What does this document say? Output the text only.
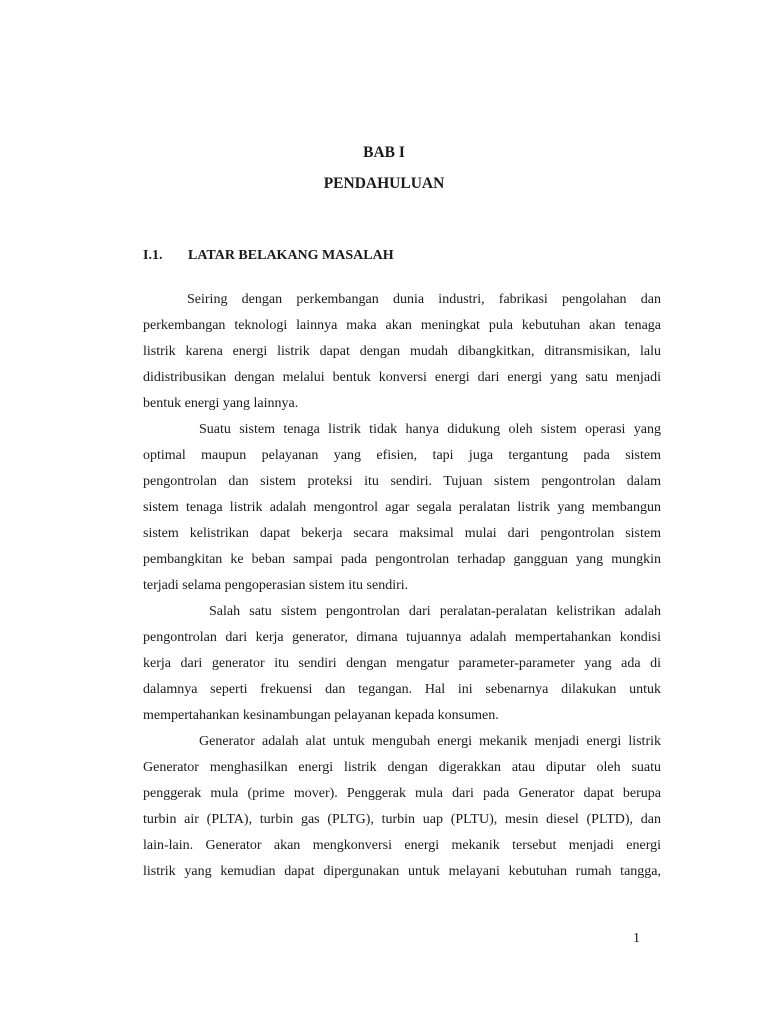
BAB I
PENDAHULUAN
I.1. LATAR BELAKANG MASALAH
Seiring dengan perkembangan dunia industri, fabrikasi pengolahan dan
perkembangan teknologi lainnya maka akan meningkat pula kebutuhan akan tenaga
listrik karena energi listrik dapat dengan mudah dibangkitkan, ditransmisikan, lalu
didistribusikan dengan melalui bentuk konversi energi dari energi yang satu menjadi
bentuk energi yang lainnya.
Suatu sistem tenaga listrik tidak hanya didukung oleh sistem operasi yang
optimal maupun pelayanan yang efisien, tapi juga tergantung pada sistem
pengontrolan dan sistem proteksi itu sendiri. Tujuan sistem pengontrolan dalam
sistem tenaga listrik adalah mengontrol agar segala peralatan listrik yang membangun
sistem kelistrikan dapat bekerja secara maksimal mulai dari pengontrolan sistem
pembangkitan ke beban sampai pada pengontrolan terhadap gangguan yang mungkin
terjadi selama pengoperasian sistem itu sendiri.
Salah satu sistem pengontrolan dari peralatan-peralatan kelistrikan adalah
pengontrolan dari kerja generator, dimana tujuannya adalah mempertahankan kondisi
kerja dari generator itu sendiri dengan mengatur parameter-parameter yang ada di
dalamnya seperti frekuensi dan tegangan. Hal ini sebenarnya dilakukan untuk
mempertahankan kesinambungan pelayanan kepada konsumen.
Generator adalah alat untuk mengubah energi mekanik menjadi energi listrik
Generator menghasilkan energi listrik dengan digerakkan atau diputar oleh suatu
penggerak mula (prime mover). Penggerak mula dari pada Generator dapat berupa
turbin air (PLTA), turbin gas (PLTG), turbin uap (PLTU), mesin diesel (PLTD), dan
lain-lain. Generator akan mengkonversi energi mekanik tersebut menjadi energi
listrik yang kemudian dapat dipergunakan untuk melayani kebutuhan rumah tangga,
1
